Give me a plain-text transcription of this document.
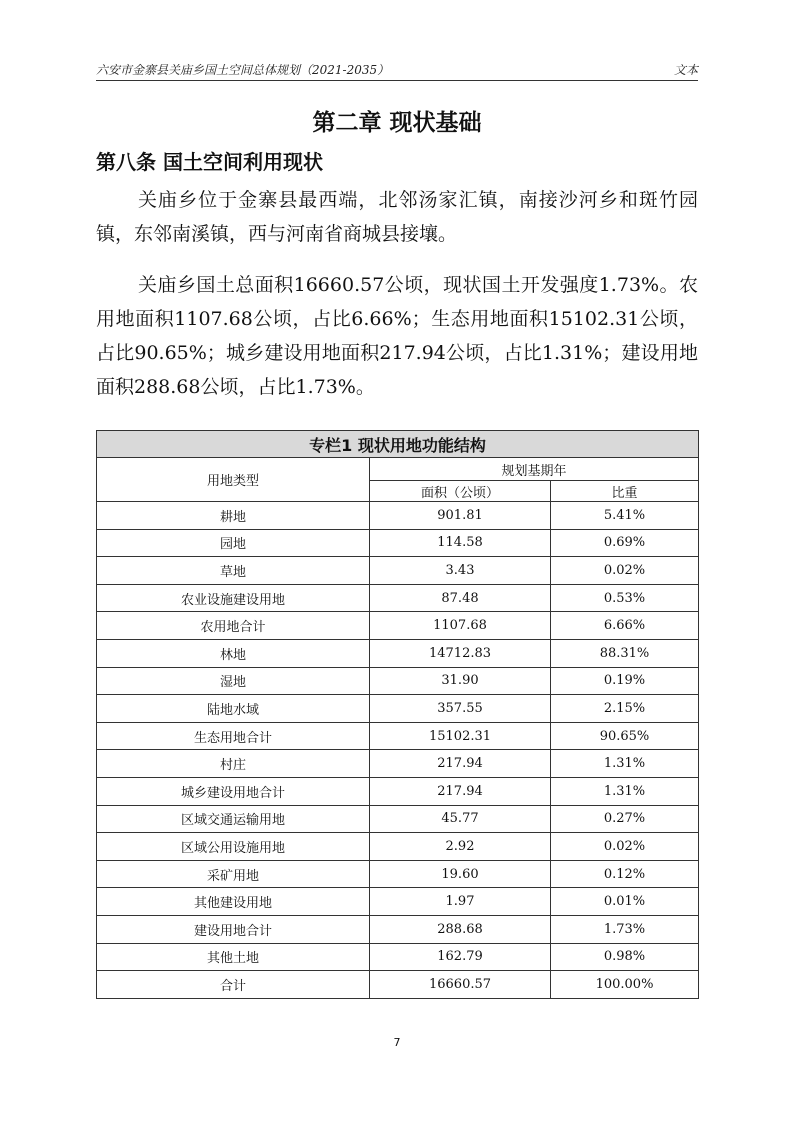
六安市金寨县关庙乡国土空间总体规划（2021-2035）	文本
第二章 现状基础
第八条 国土空间利用现状
关庙乡位于金寨县最西端，北邻汤家汇镇，南接沙河乡和斑竹园镇，东邻南溪镇，西与河南省商城县接壤。
关庙乡国土总面积16660.57公顷，现状国土开发强度1.73%。农用地面积1107.68公顷，占比6.66%；生态用地面积15102.31公顷，占比90.65%；城乡建设用地面积217.94公顷，占比1.31%；建设用地面积288.68公顷，占比1.73%。
专栏1 现状用地功能结构		
用地类型	规划基期年	
	面积（公顷）	比重
耕地	901.81	5.41%
园地	114.58	0.69%
草地	3.43	0.02%
农业设施建设用地	87.48	0.53%
农用地合计	1107.68	6.66%
林地	14712.83	88.31%
湿地	31.90	0.19%
陆地水域	357.55	2.15%
生态用地合计	15102.31	90.65%
村庄	217.94	1.31%
城乡建设用地合计	217.94	1.31%
区域交通运输用地	45.77	0.27%
区域公用设施用地	2.92	0.02%
采矿用地	19.60	0.12%
其他建设用地	1.97	0.01%
建设用地合计	288.68	1.73%
其他土地	162.79	0.98%
合计	16660.57	100.00%
7
